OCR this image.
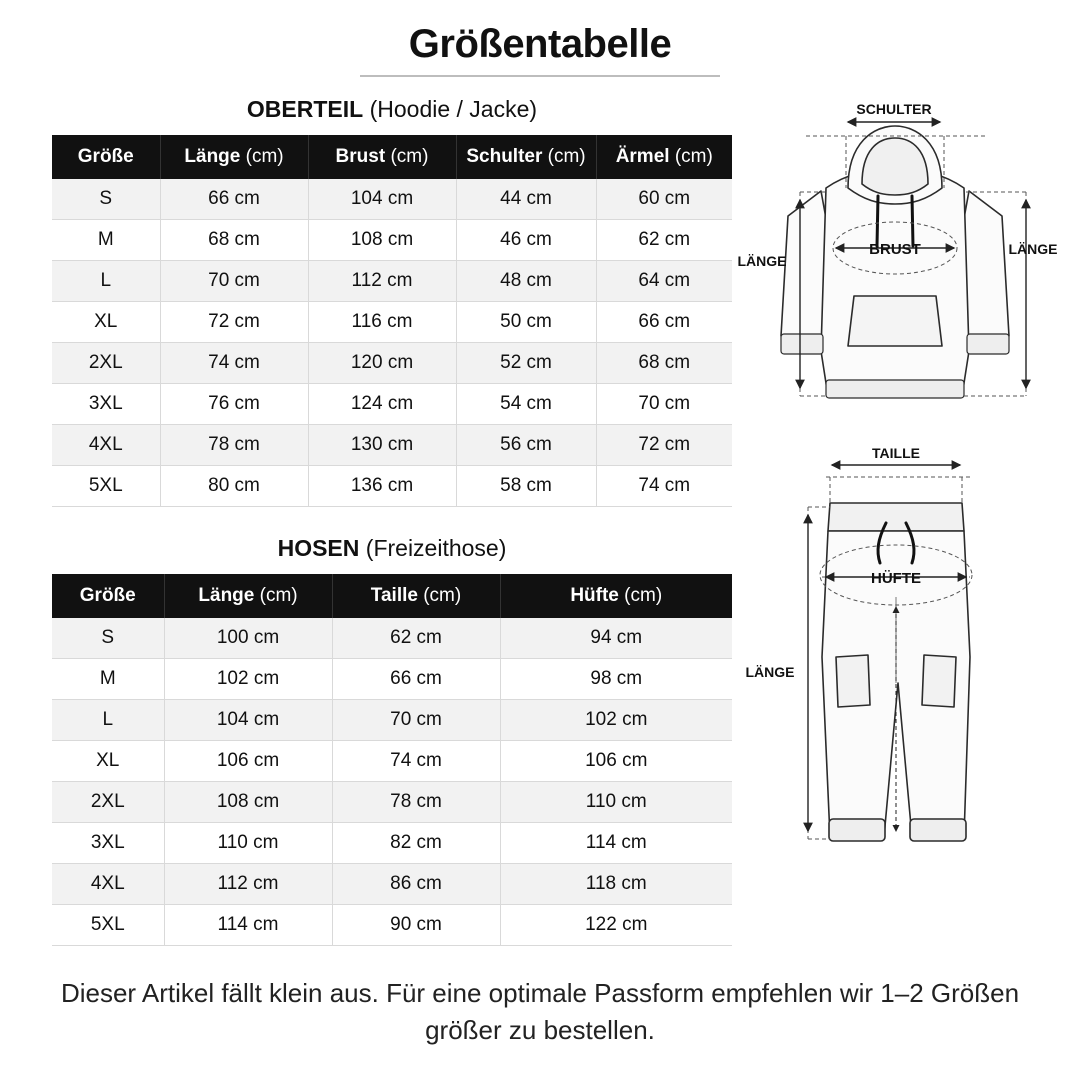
Größentabelle
OBERTEIL (Hoodie / Jacke)
Größe	Länge (cm)	Brust (cm)	Schulter (cm)	Ärmel (cm)
S	66 cm	104 cm	44 cm	60 cm
M	68 cm	108 cm	46 cm	62 cm
L	70 cm	112 cm	48 cm	64 cm
XL	72 cm	116 cm	50 cm	66 cm
2XL	74 cm	120 cm	52 cm	68 cm
3XL	76 cm	124 cm	54 cm	70 cm
4XL	78 cm	130 cm	56 cm	72 cm
5XL	80 cm	136 cm	58 cm	74 cm
HOSEN (Freizeithose)
Größe	Länge (cm)	Taille (cm)	Hüfte (cm)
S	100 cm	62 cm	94 cm
M	102 cm	66 cm	98 cm
L	104 cm	70 cm	102 cm
XL	106 cm	74 cm	106 cm
2XL	108 cm	78 cm	110 cm
3XL	110 cm	82 cm	114 cm
4XL	112 cm	86 cm	118 cm
5XL	114 cm	90 cm	122 cm
SCHULTER
BRUST
LÄNGE
LÄNGE

TAILLE
HÜFTE
LÄNGE
Dieser Artikel fällt klein aus. Für eine optimale Passform empfehlen wir 1–2 Größen größer zu bestellen.
